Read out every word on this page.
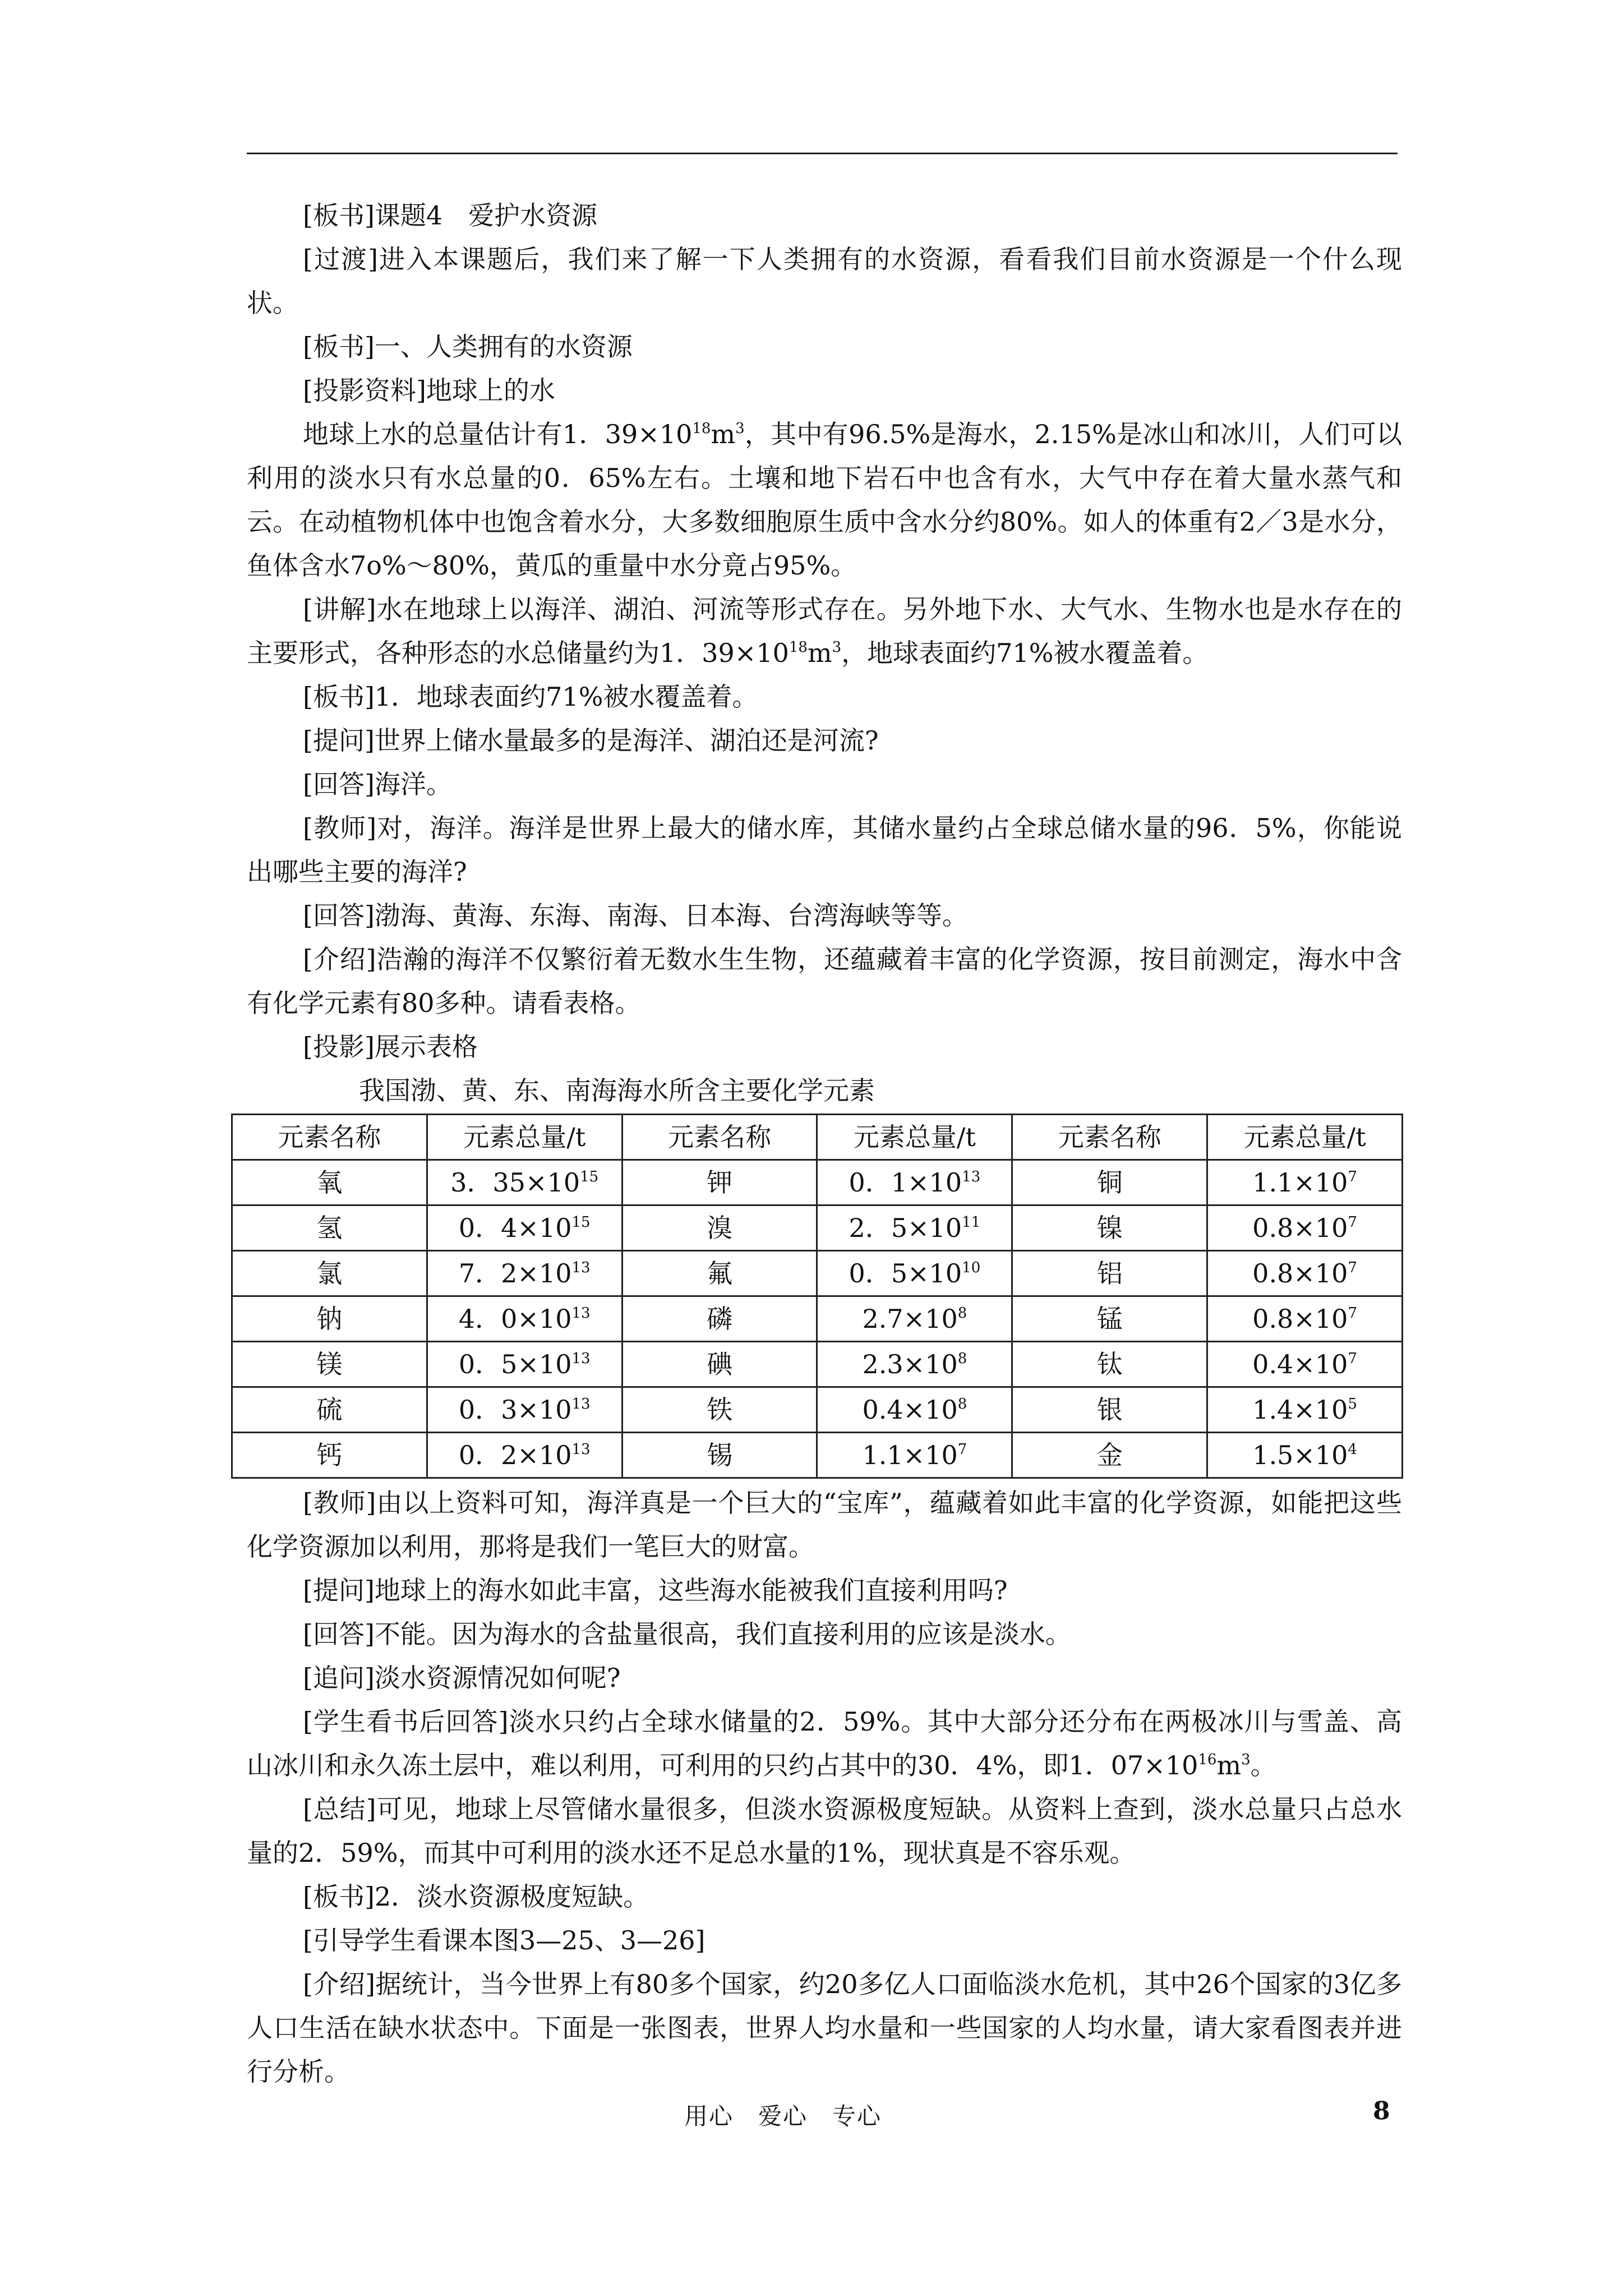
[板书]课题4　爱护水资源

[过渡]进入本课题后，我们来了解一下人类拥有的水资源，看看我们目前水资源是一个什么现状。

[板书]一、人类拥有的水资源

[投影资料]地球上的水

地球上水的总量估计有1．$39\times 10^{18}m^3$，其中有96.5%是海水，2.15%是冰山和冰川，人们可以利用的淡水只有水总量的0．65%左右。土壤和地下岩石中也含有水，大气中存在着大量水蒸气和云。在动植物机体中也饱含着水分，大多数细胞原生质中含水分约80%。如人的体重有2／3是水分，鱼体含水7o%～80%，黄瓜的重量中水分竟占95%。

[讲解]水在地球上以海洋、湖泊、河流等形式存在。另外地下水、大气水、生物水也是水存在的主要形式，各种形态的水总储量约为1．$39\times 10^{18}m^3$，地球表面约71%被水覆盖着。

[板书]1．地球表面约71%被水覆盖着。

[提问]世界上储水量最多的是海洋、湖泊还是河流?

[回答]海洋。

[教师]对，海洋。海洋是世界上最大的储水库，其储水量约占全球总储水量的96．5%，你能说出哪些主要的海洋?

[回答]渤海、黄海、东海、南海、日本海、台湾海峡等等。

[介绍]浩瀚的海洋不仅繁衍着无数水生生物，还蕴藏着丰富的化学资源，按目前测定，海水中含有化学元素有80多种。请看表格。

[投影]展示表格

我国渤、黄、东、南海海水所含主要化学元素

元素名称	元素总量/t	元素名称	元素总量/t	元素名称	元素总量/t
氧	3．$35\times 10^{15}$	钾	0．$1\times 10^{13}$	铜	$1.1\times 10^7$
氢	0．$4\times 10^{15}$	溴	2．$5\times 10^{11}$	镍	$0.8\times 10^7$
氯	7．$2\times 10^{13}$	氟	0．$5\times 10^{10}$	铝	$0.8\times 10^7$
钠	4．$0\times 10^{13}$	磷	$2.7\times 10^8$	锰	$0.8\times 10^7$
镁	0．$5\times 10^{13}$	碘	$2.3\times 10^8$	钛	$0.4\times 10^7$
硫	0．$3\times 10^{13}$	铁	$0.4\times 10^8$	银	$1.4\times 10^5$
钙	0．$2\times 10^{13}$	锡	$1.1\times 10^7$	金	$1.5\times 10^4$

[教师]由以上资料可知，海洋真是一个巨大的“宝库”，蕴藏着如此丰富的化学资源，如能把这些化学资源加以利用，那将是我们一笔巨大的财富。

[提问]地球上的海水如此丰富，这些海水能被我们直接利用吗?

[回答]不能。因为海水的含盐量很高，我们直接利用的应该是淡水。

[追问]淡水资源情况如何呢?

[学生看书后回答]淡水只约占全球水储量的2．59%。其中大部分还分布在两极冰川与雪盖、高山冰川和永久冻土层中，难以利用，可利用的只约占其中的30．4%，即1．$07\times 10^{16}m^3$。

[总结]可见，地球上尽管储水量很多，但淡水资源极度短缺。从资料上查到，淡水总量只占总水量的2．59%，而其中可利用的淡水还不足总水量的1%，现状真是不容乐观。

[板书]2．淡水资源极度短缺。

[引导学生看课本图3—25、3—26]

[介绍]据统计，当今世界上有80多个国家，约20多亿人口面临淡水危机，其中26个国家的3亿多人口生活在缺水状态中。下面是一张图表，世界人均水量和一些国家的人均水量，请大家看图表并进行分析。

用心　爱心　专心	8
